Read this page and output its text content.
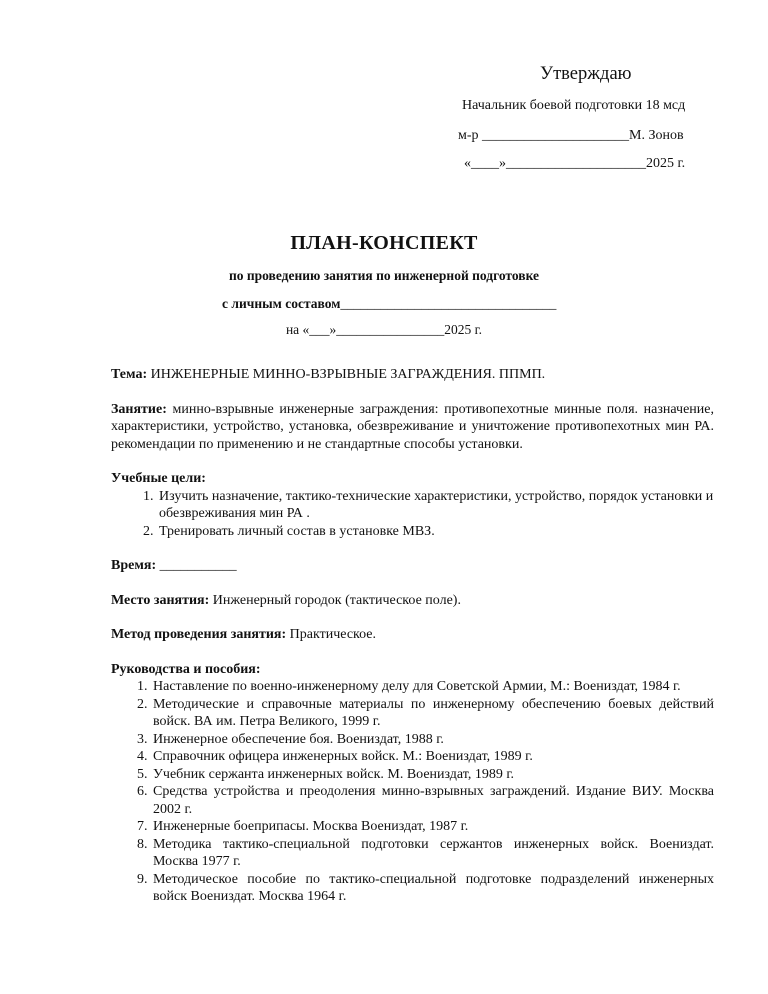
Утверждаю
Начальник боевой подготовки 18 мсд
м-р _____________________М. Зонов
«____»____________________2025 г.
ПЛАН-КОНСПЕКТ
по проведению занятия по инженерной подготовке
с личным составом________________________________
на «___»________________2025 г.

Тема: ИНЖЕНЕРНЫЕ МИННО-ВЗРЫВНЫЕ ЗАГРАЖДЕНИЯ. ППМП.

Занятие: минно-взрывные инженерные заграждения: противопехотные минные поля. назначение, характеристики, устройство, установка, обезвреживание и уничтожение противопехотных мин РА. рекомендации по применению и не стандартные способы установки.

Учебные цели:

1. Изучить назначение, тактико-технические характеристики, устройство, порядок установки и обезвреживания мин РА .
2. Тренировать личный состав в установке МВЗ.

Время: ___________

Место занятия: Инженерный городок (тактическое поле).

Метод проведения занятия: Практическое.

Руководства и пособия:

1. Наставление по военно-инженерному делу для Советской Армии, М.: Воениздат, 1984 г.
2. Методические и справочные материалы по инженерному обеспечению боевых действий войск. ВА им. Петра Великого, 1999 г.
3. Инженерное обеспечение боя. Воениздат, 1988 г.
4. Справочник офицера инженерных войск. М.: Воениздат, 1989 г.
5. Учебник сержанта инженерных войск. М. Воениздат, 1989 г.
6. Средства устройства и преодоления минно-взрывных заграждений. Издание ВИУ. Москва 2002 г.
7. Инженерные боеприпасы. Москва Воениздат, 1987 г.
8. Методика тактико-специальной подготовки сержантов инженерных войск. Воениздат. Москва 1977 г.
9. Методическое пособие по тактико-специальной подготовке подразделений инженерных войск Воениздат. Москва 1964 г.
